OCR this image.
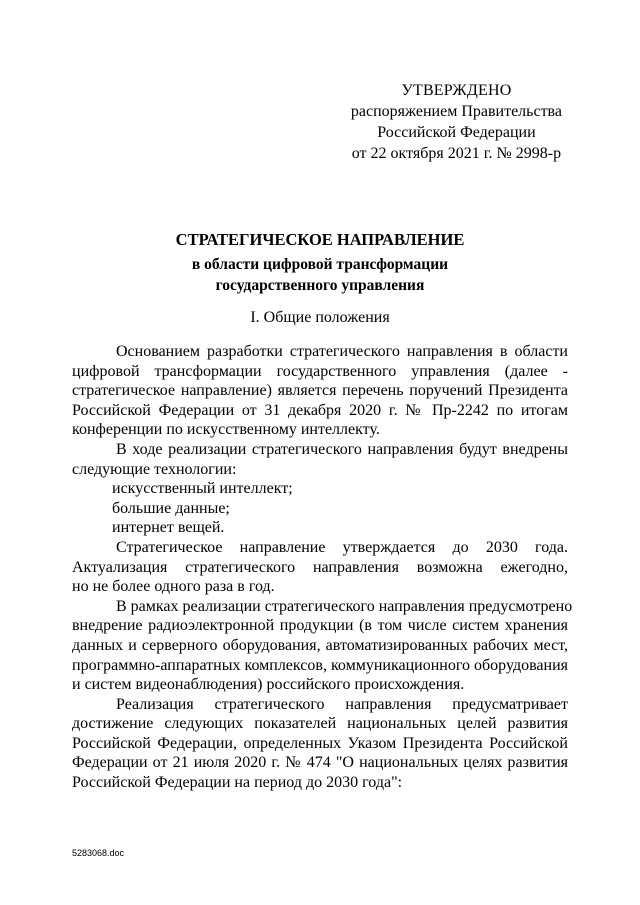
УТВЕРЖДЕНО
распоряжением Правительства
Российской Федерации
от 22 октября 2021 г. № 2998-р
СТРАТЕГИЧЕСКОЕ НАПРАВЛЕНИЕ
в области цифровой трансформации
государственного управления
I. Общие положения
Основанием разработки стратегического направления в области
цифровой трансформации государственного управления (далее -
стратегическое направление) является перечень поручений Президента
Российской Федерации от 31 декабря 2020 г. № Пр-2242 по итогам
конференции по искусственному интеллекту.
В ходе реализации стратегического направления будут внедрены
следующие технологии:
искусственный интеллект;
большие данные;
интернет вещей.
Стратегическое направление утверждается до 2030 года.
Актуализация стратегического направления возможна ежегодно,
но не более одного раза в год.
В рамках реализации стратегического направления предусмотрено
внедрение радиоэлектронной продукции (в том числе систем хранения
данных и серверного оборудования, автоматизированных рабочих мест,
программно-аппаратных комплексов, коммуникационного оборудования
и систем видеонаблюдения) российского происхождения.
Реализация стратегического направления предусматривает
достижение следующих показателей национальных целей развития
Российской Федерации, определенных Указом Президента Российской
Федерации от 21 июля 2020 г. № 474 "О национальных целях развития
Российской Федерации на период до 2030 года":
5283068.doc
